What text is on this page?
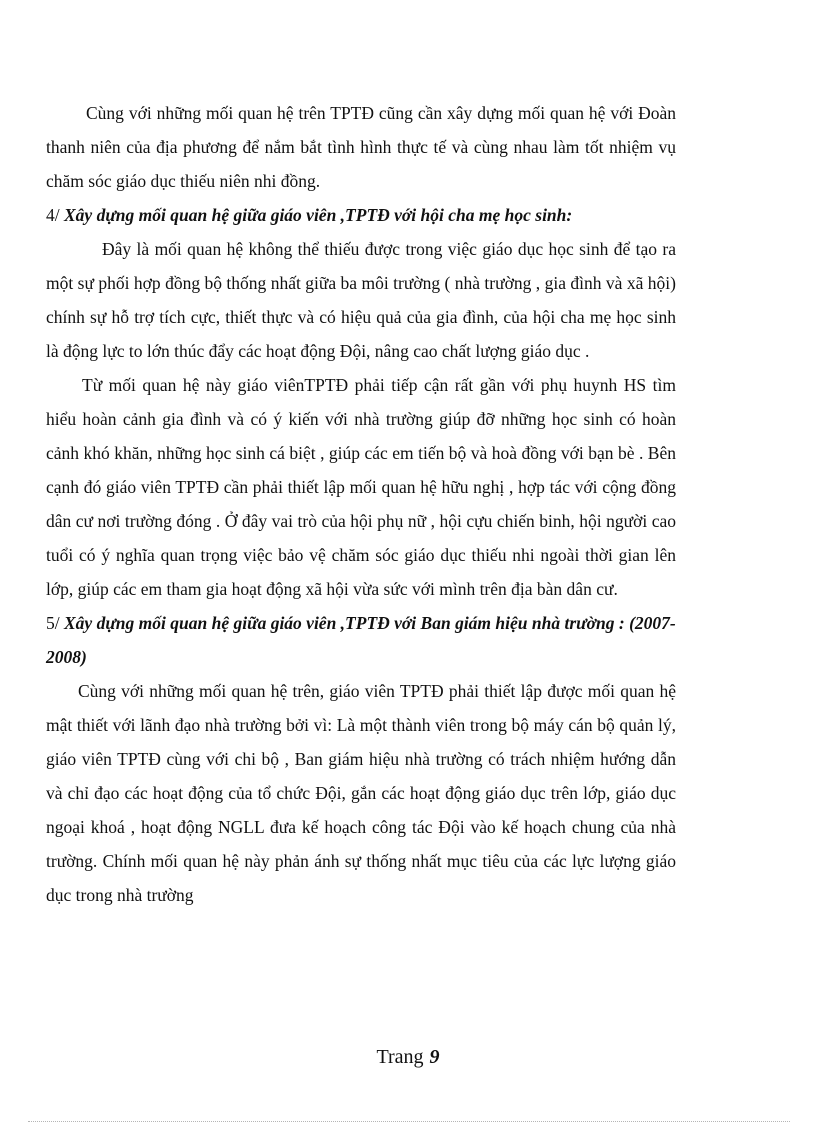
Cùng với những mối quan hệ trên TPTĐ cũng cần xây dựng mối quan hệ với Đoàn thanh niên của địa phương để nắm bắt tình hình thực tế và cùng nhau làm tốt nhiệm vụ chăm sóc giáo dục thiếu niên nhi đồng.

4/ Xây dựng mối quan hệ giữa giáo viên ,TPTĐ với hội cha mẹ học sinh:

Đây là mối quan hệ không thể thiếu được trong việc giáo dục học sinh để tạo ra một sự phối hợp đồng bộ thống nhất giữa ba môi trường ( nhà trường , gia đình và xã hội) chính sự hỗ trợ tích cực, thiết thực và có hiệu quả của gia đình, của hội cha mẹ học sinh là động lực to lớn thúc đẩy các hoạt động Đội, nâng cao chất lượng giáo dục .

Từ mối quan hệ này giáo viênTPTĐ phải tiếp cận rất gần với phụ huynh HS tìm hiểu hoàn cảnh gia đình và có ý kiến với nhà trường giúp đỡ những học sinh có hoàn cảnh khó khăn, những học sinh cá biệt , giúp các em tiến bộ và hoà đồng với bạn bè . Bên cạnh đó giáo viên TPTĐ cần phải thiết lập mối quan hệ hữu nghị , hợp tác với cộng đồng dân cư nơi trường đóng . Ở đây vai trò của hội phụ nữ , hội cựu chiến binh, hội người cao tuổi có ý nghĩa quan trọng việc bảo vệ chăm sóc giáo dục thiếu nhi ngoài thời gian lên lớp, giúp các em tham gia hoạt động xã hội vừa sức với mình trên địa bàn dân cư.

5/ Xây dựng mối quan hệ giữa giáo viên ,TPTĐ với Ban giám hiệu nhà trường : (2007-2008)

Cùng với những mối quan hệ trên, giáo viên TPTĐ phải thiết lập được mối quan hệ mật thiết với lãnh đạo nhà trường bởi vì: Là một thành viên trong bộ máy cán bộ quản lý, giáo viên TPTĐ cùng với chi bộ , Ban giám hiệu nhà trường có trách nhiệm hướng dẫn và chỉ đạo các hoạt động của tổ chức Đội, gắn các hoạt động giáo dục trên lớp, giáo dục ngoại khoá , hoạt động NGLL đưa kế hoạch công tác Đội vào kế hoạch chung của nhà trường. Chính mối quan hệ này phản ánh sự thống nhất mục tiêu của các lực lượng giáo dục trong nhà trường

Trang 9
